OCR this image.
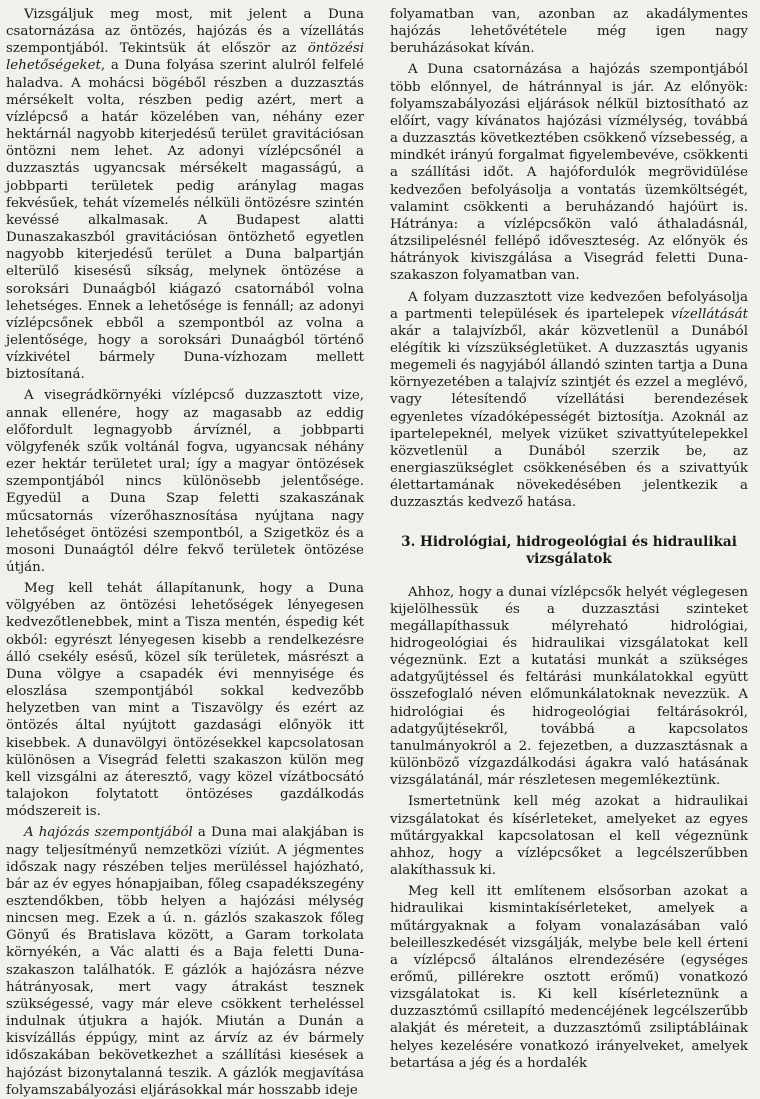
Vizsgáljuk meg most, mit jelent a Duna csatornázása az öntözés, hajózás és a vízellátás szempontjából. Tekintsük át először az öntözési lehetőségeket, a Duna folyása szerint alulról felfelé haladva. A mohácsi bögéből részben a duzzasztás mérsékelt volta, részben pedig azért, mert a vízlépcső a határ közelében van, néhány ezer hektárnál nagyobb kiterjedésű terület gravitációsan öntözni nem lehet. Az adonyi vízlépcsőnél a duzzasztás ugyancsak mérsékelt magasságú, a jobbparti területek pedig aránylag magas fekvésűek, tehát vízemelés nélküli öntözésre szintén kevéssé alkalmasak. A Budapest alatti Dunaszakaszból gravitációsan öntözhető egyetlen nagyobb kiterjedésű terület a Duna balpartján elterülő kisesésű síkság, melynek öntözése a soroksári Dunaágból kiágazó csatornából volna lehetséges. Ennek a lehetősége is fennáll; az adonyi vízlépcsőnek ebből a szempontból az volna a jelentősége, hogy a soroksári Dunaágból történő vízkivétel bármely Duna-vízhozam mellett biztosítaná.

A visegrádkörnyéki vízlépcső duzzasztott vize, annak ellenére, hogy az magasabb az eddig előfordult legnagyobb árvíznél, a jobbparti völgyfenék szűk voltánál fogva, ugyancsak néhány ezer hektár területet ural; így a magyar öntözések szempontjából nincs különösebb jelentősége. Egyedül a Duna Szap feletti szakaszának műcsatornás vízerőhasznosítása nyújtana nagy lehetőséget öntözési szempontból, a Szigetköz és a mosoni Dunaágtól délre fekvő területek öntözése útján.

Meg kell tehát állapítanunk, hogy a Duna völgyében az öntözési lehetőségek lényegesen kedvezőtlenebbek, mint a Tisza mentén, éspedig két okból: egyrészt lényegesen kisebb a rendelkezésre álló csekély esésű, közel sík területek, másrészt a Duna völgye a csapadék évi mennyisége és eloszlása szempontjából sokkal kedvezőbb helyzetben van mint a Tiszavölgy és ezért az öntözés által nyújtott gazdasági előnyök itt kisebbek. A dunavölgyi öntözésekkel kapcsolatosan különösen a Visegrád feletti szakaszon külön meg kell vizsgálni az áteresztő, vagy közel vízátbocsátó talajokon folytatott öntözéses gazdálkodás módszereit is.

A hajózás szempontjából a Duna mai alakjában is nagy teljesítményű nemzetközi víziút. A jégmentes időszak nagy részében teljes merüléssel hajózható, bár az év egyes hónapjaiban, főleg csapadékszegény esztendőkben, több helyen a hajózási mélység nincsen meg. Ezek a ú. n. gázlós szakaszok főleg Gönyű és Bratislava között, a Garam torkolata környékén, a Vác alatti és a Baja feletti Duna-szakaszon találhatók. E gázlók a hajózásra nézve hátrányosak, mert vagy átrakást tesznek szükségessé, vagy már eleve csökkent terheléssel indulnak útjukra a hajók. Miután a Dunán a kisvízállás éppúgy, mint az árvíz az év bármely időszakában bekövetkezhet a szállítási kiesések a hajózást bizonytalanná teszik. A gázlók megjavítása folyamszabályozási eljárásokkal már hosszabb ideje

folyamatban van, azonban az akadálymentes hajózás lehetővététele még igen nagy beruházásokat kíván.

A Duna csatornázása a hajózás szempontjából több előnnyel, de hátránnyal is jár. Az előnyök: folyamszabályozási eljárások nélkül biztosítható az előírt, vagy kívánatos hajózási vízmélység, továbbá a duzzasztás következtében csökkenő vízsebesség, a mindkét irányú forgalmat figyelembevéve, csökkenti a szállítási időt. A hajófordulók megrövidülése kedvezően befolyásolja a vontatás üzemköltségét, valamint csökkenti a beruházandó hajóürt is. Hátránya: a vízlépcsőkön való áthaladásnál, átzsilipelésnél fellépő időveszteség. Az előnyök és hátrányok kiviszgálása a Visegrád feletti Duna-szakaszon folyamatban van.

A folyam duzzasztott vize kedvezően befolyásolja a partmenti települések és ipartelepek vízellátását akár a talajvízből, akár közvetlenül a Dunából elégítik ki vízszükségletüket. A duzzasztás ugyanis megemeli és nagyjából állandó szinten tartja a Duna környezetében a talajvíz szintjét és ezzel a meglévő, vagy létesítendő vízellátási berendezések egyenletes vízadóképességét biztosítja. Azoknál az ipartelepeknél, melyek vizüket szivattyútelepekkel közvetlenül a Dunából szerzik be, az energiaszükséglet csökkenésében és a szivattyúk élettartamának növekedésében jelentkezik a duzzasztás kedvező hatása.

3. Hidrológiai, hidrogeológiai és hidraulikai vizsgálatok

Ahhoz, hogy a dunai vízlépcsők helyét véglegesen kijelölhessük és a duzzasztási szinteket megállapíthassuk mélyreható hidrológiai, hidrogeológiai és hidraulikai vizsgálatokat kell végeznünk. Ezt a kutatási munkát a szükséges adatgyűjtéssel és feltárási munkálatokkal együtt összefoglaló néven előmunkálatoknak nevezzük. A hidrológiai és hidrogeológiai feltárásokról, adatgyűjtésekről, továbbá a kapcsolatos tanulmányokról a 2. fejezetben, a duzzasztásnak a különböző vízgazdálkodási ágakra való hatásának vizsgálatánál, már részletesen megemlékeztünk.

Ismertetnünk kell még azokat a hidraulikai vizsgálatokat és kísérleteket, amelyeket az egyes műtárgyakkal kapcsolatosan el kell végeznünk ahhoz, hogy a vízlépcsőket a legcélszerűbben alakíthassuk ki.

Meg kell itt említenem elsősorban azokat a hidraulikai kismintakísérleteket, amelyek a műtárgyaknak a folyam vonalazásában való beleilleszkedését vizsgálják, melybe bele kell érteni a vízlépcső általános elrendezésére (egységes erőmű, pillérekre osztott erőmű) vonatkozó vizsgálatokat is. Ki kell kísérleteznünk a duzzasztómű csillapító medencéjének legcélszerűbb alakját és méreteit, a duzzasztómű zsiliptábláinak helyes kezelésére vonatkozó irányelveket, amelyek betartása a jég és a hordalék
